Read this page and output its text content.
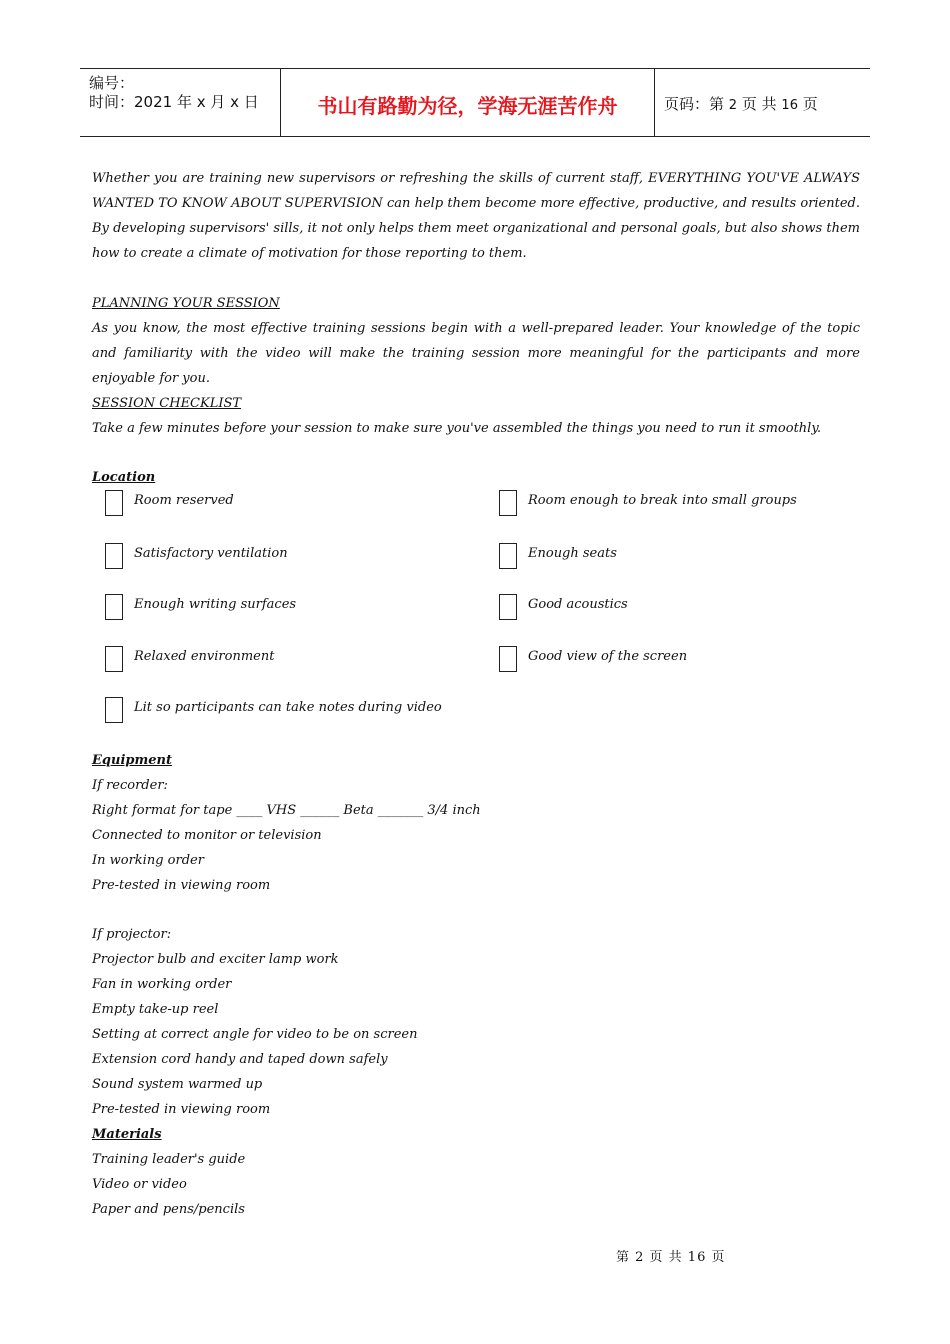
编号：
时间：2021 年 x 月 x 日	书山有路勤为径，学海无涯苦作舟	页码：第 2 页 共 16 页

Whether you are training new supervisors or refreshing the skills of current staff, EVERYTHING YOU'VE ALWAYS WANTED TO KNOW ABOUT SUPERVISION can help them become more effective, productive, and results oriented. By developing supervisors' sills, it not only helps them meet organizational and personal goals, but also shows them how to create a climate of motivation for those reporting to them.

PLANNING YOUR SESSION

As you know, the most effective training sessions begin with a well-prepared leader. Your knowledge of the topic and familiarity with the video will make the training session more meaningful for the participants and more enjoyable for you.

SESSION CHECKLIST

Take a few minutes before your session to make sure you've assembled the things you need to run it smoothly.

Location

Room reserved	Room enough to break into small groups
Satisfactory ventilation	Enough seats
Enough writing surfaces	Good acoustics
Relaxed environment	Good view of the screen
Lit so participants can take notes during video

Equipment

If recorder:

Right format for tape ____ VHS ______ Beta _______ 3/4 inch

Connected to monitor or television

In working order

Pre-tested in viewing room

If projector:

Projector bulb and exciter lamp work

Fan in working order

Empty take-up reel

Setting at correct angle for video to be on screen

Extension cord handy and taped down safely

Sound system warmed up

Pre-tested in viewing room

Materials

Training leader's guide

Video or video

Paper and pens/pencils

第 2 页 共 16 页
